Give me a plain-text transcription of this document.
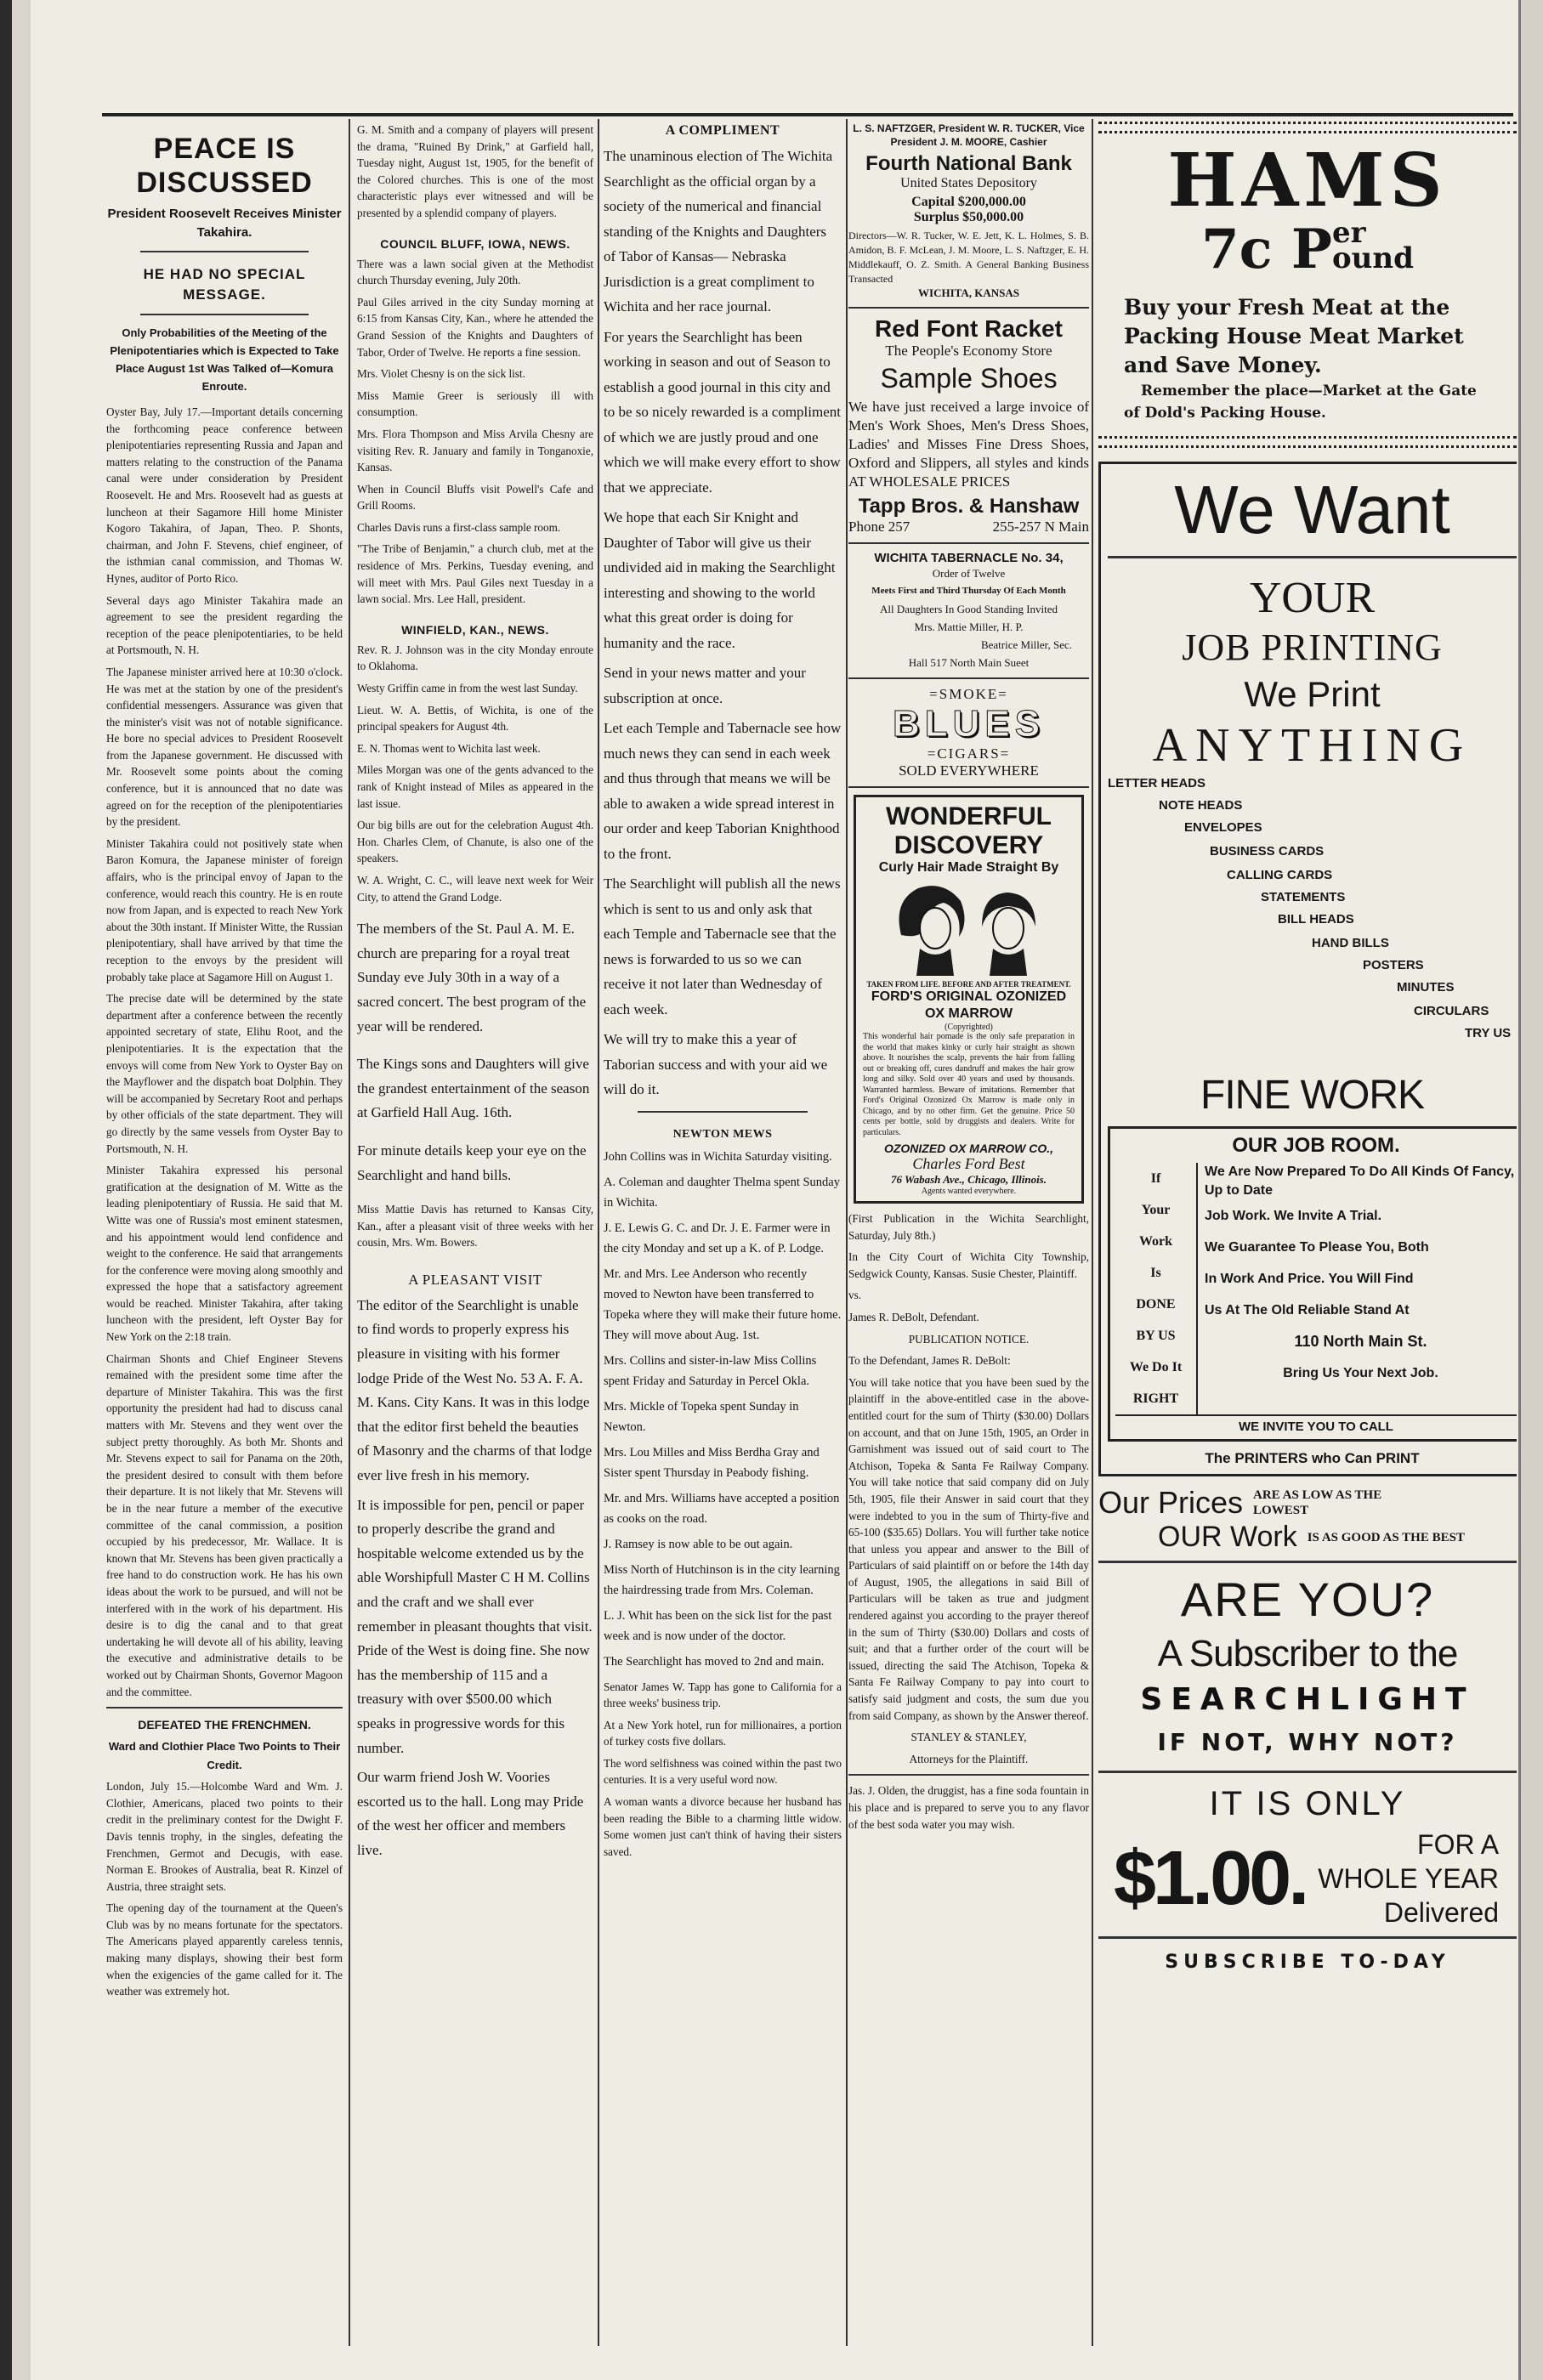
PEACE IS DISCUSSED
President Roosevelt Receives Minister Takahira.
HE HAD NO SPECIAL MESSAGE.
Only Probabilities of the Meeting of the Plenipotentiaries which is Expected to Take Place August 1st Was Talked of—Komura Enroute.

Oyster Bay, July 17.—Important details concerning the forthcoming peace conference between plenipotentiaries representing Russia and Japan and matters relating to the construction of the Panama canal were under consideration by President Roosevelt. He and Mrs. Roosevelt had as guests at luncheon at their Sagamore Hill home Minister Kogoro Takahira, of Japan, Theo. P. Shonts, chairman, and John F. Stevens, chief engineer, of the isthmian canal commission, and Thomas W. Hynes, auditor of Porto Rico.

Several days ago Minister Takahira made an agreement to see the president regarding the reception of the peace plenipotentiaries, to be held at Portsmouth, N. H.

The Japanese minister arrived here at 10:30 o'clock. He was met at the station by one of the president's confidential messengers. Assurance was given that the minister's visit was not of notable significance. He bore no special advices to President Roosevelt from the Japanese government. He discussed with Mr. Roosevelt some points about the coming conference, but it is announced that no date was agreed on for the reception of the plenipotentiaries by the president.

Minister Takahira could not positively state when Baron Komura, the Japanese minister of foreign affairs, who is the principal envoy of Japan to the conference, would reach this country. He is en route now from Japan, and is expected to reach New York about the 30th instant. If Minister Witte, the Russian plenipotentiary, shall have arrived by that time the reception to the envoys by the president will probably take place at Sagamore Hill on August 1.

The precise date will be determined by the state department after a conference between the recently appointed secretary of state, Elihu Root, and the plenipotentiaries. It is the expectation that the envoys will come from New York to Oyster Bay on the Mayflower and the dispatch boat Dolphin. They will be accompanied by Secretary Root and perhaps by other officials of the state department. They will go directly by the same vessels from Oyster Bay to Portsmouth, N. H.

Minister Takahira expressed his personal gratification at the designation of M. Witte as the leading plenipotentiary of Russia. He said that M. Witte was one of Russia's most eminent statesmen, and his appointment would lend confidence and weight to the conference. He said that arrangements for the conference were moving along smoothly and expressed the hope that a satisfactory agreement would be reached. Minister Takahira, after taking luncheon with the president, left Oyster Bay for New York on the 2:18 train.

Chairman Shonts and Chief Engineer Stevens remained with the president some time after the departure of Minister Takahira. This was the first opportunity the president had had to discuss canal matters with Mr. Stevens and they went over the subject pretty thoroughly. As both Mr. Shonts and Mr. Stevens expect to sail for Panama on the 20th, the president desired to consult with them before their departure. It is not likely that Mr. Stevens will be in the near future a member of the executive committee of the canal commission, a position occupied by his predecessor, Mr. Wallace. It is known that Mr. Stevens has been given practically a free hand to do construction work. He has his own ideas about the work to be pursued, and will not be interfered with in the work of his department. His desire is to dig the canal and to that great undertaking he will devote all of his ability, leaving the executive and administrative details to be worked out by Chairman Shonts, Governor Magoon and the committee.

DEFEATED THE FRENCHMEN.
Ward and Clothier Place Two Points to Their Credit.

London, July 15.—Holcombe Ward and Wm. J. Clothier, Americans, placed two points to their credit in the preliminary contest for the Dwight F. Davis tennis trophy, in the singles, defeating the Frenchmen, Germot and Decugis, with ease. Norman E. Brookes of Australia, beat R. Kinzel of Austria, three straight sets.

The opening day of the tournament at the Queen's Club was by no means fortunate for the spectators. The Americans played apparently careless tennis, making many displays, showing their best form when the exigencies of the game called for it. The weather was extremely hot.

G. M. Smith and a company of players will present the drama, "Ruined By Drink," at Garfield hall, Tuesday night, August 1st, 1905, for the benefit of the Colored churches. This is one of the most characteristic plays ever witnessed and will be presented by a splendid company of players.

COUNCIL BLUFF, IOWA, NEWS.

There was a lawn social given at the Methodist church Thursday evening, July 20th.

Paul Giles arrived in the city Sunday morning at 6:15 from Kansas City, Kan., where he attended the Grand Session of the Knights and Daughters of Tabor, Order of Twelve. He reports a fine session.

Mrs. Violet Chesny is on the sick list.

Miss Mamie Greer is seriously ill with consumption.

Mrs. Flora Thompson and Miss Arvila Chesny are visiting Rev. R. January and family in Tonganoxie, Kansas.

When in Council Bluffs visit Powell's Cafe and Grill Rooms.

Charles Davis runs a first-class sample room.

"The Tribe of Benjamin," a church club, met at the residence of Mrs. Perkins, Tuesday evening, and will meet with Mrs. Paul Giles next Tuesday in a lawn social. Mrs. Lee Hall, president.

WINFIELD, KAN., NEWS.

Rev. R. J. Johnson was in the city Monday enroute to Oklahoma.

Westy Griffin came in from the west last Sunday.

Lieut. W. A. Bettis, of Wichita, is one of the principal speakers for August 4th.

E. N. Thomas went to Wichita last week.

Miles Morgan was one of the gents advanced to the rank of Knight instead of Miles as appeared in the last issue.

Our big bills are out for the celebration August 4th. Hon. Charles Clem, of Chanute, is also one of the speakers.

W. A. Wright, C. C., will leave next week for Weir City, to attend the Grand Lodge.

The members of the St. Paul A. M. E. church are preparing for a royal treat Sunday eve July 30th in a way of a sacred concert. The best program of the year will be rendered.

The Kings sons and Daughters will give the grandest entertainment of the season at Garfield Hall Aug. 16th.

For minute details keep your eye on the Searchlight and hand bills.

Miss Mattie Davis has returned to Kansas City, Kan., after a pleasant visit of three weeks with her cousin, Mrs. Wm. Bowers.

A PLEASANT VISIT

The editor of the Searchlight is unable to find words to properly express his pleasure in visiting with his former lodge Pride of the West No. 53 A. F. A. M. Kans. City Kans. It was in this lodge that the editor first beheld the beauties of Masonry and the charms of that lodge ever live fresh in his memory.

It is impossible for pen, pencil or paper to properly describe the grand and hospitable welcome extended us by the able Worshipfull Master C H M. Collins and the craft and we shall ever remember in pleasant thoughts that visit. Pride of the West is doing fine. She now has the membership of 115 and a treasury with over $500.00 which speaks in progressive words for this number.

Our warm friend Josh W. Voories escorted us to the hall. Long may Pride of the west her officer and members live.

A COMPLIMENT

The unaminous election of The Wichita Searchlight as the official organ by a society of the numerical and financial standing of the Knights and Daughters of Tabor of Kansas— Nebraska Jurisdiction is a great compliment to Wichita and her race journal.

For years the Searchlight has been working in season and out of Season to establish a good journal in this city and to be so nicely rewarded is a compliment of which we are justly proud and one which we will make every effort to show that we appreciate.

We hope that each Sir Knight and Daughter of Tabor will give us their undivided aid in making the Searchlight interesting and showing to the world what this great order is doing for humanity and the race.

Send in your news matter and your subscription at once.

Let each Temple and Tabernacle see how much news they can send in each week and thus through that means we will be able to awaken a wide spread interest in our order and keep Taborian Knighthood to the front.

The Searchlight will publish all the news which is sent to us and only ask that each Temple and Tabernacle see that the news is forwarded to us so we can receive it not later than Wednesday of each week.

We will try to make this a year of Taborian success and with your aid we will do it.

NEWTON MEWS

John Collins was in Wichita Saturday visiting.

A. Coleman and daughter Thelma spent Sunday in Wichita.

J. E. Lewis G. C. and Dr. J. E. Farmer were in the city Monday and set up a K. of P. Lodge.

Mr. and Mrs. Lee Anderson who recently moved to Newton have been transferred to Topeka where they will make their future home. They will move about Aug. 1st.

Mrs. Collins and sister-in-law Miss Collins spent Friday and Saturday in Percel Okla.

Mrs. Mickle of Topeka spent Sunday in Newton.

Mrs. Lou Milles and Miss Berdha Gray and Sister spent Thursday in Peabody fishing.

Mr. and Mrs. Williams have accepted a position as cooks on the road.

J. Ramsey is now able to be out again.

Miss North of Hutchinson is in the city learning the hairdressing trade from Mrs. Coleman.

L. J. Whit has been on the sick list for the past week and is now under of the doctor.

The Searchlight has moved to 2nd and main.

Senator James W. Tapp has gone to California for a three weeks' business trip.

At a New York hotel, run for millionaires, a portion of turkey costs five dollars.

The word selfishness was coined within the past two centuries. It is a very useful word now.

A woman wants a divorce because her husband has been reading the Bible to a charming little widow. Some women just can't think of having their sisters saved.

L. S. NAFTZGER, President W. R. TUCKER, Vice President J. M. MOORE, Cashier
Fourth National Bank
United States Depository
Capital $200,000.00
Surplus $50,000.00
Directors—W. R. Tucker, W. E. Jett, K. L. Holmes, S. B. Amidon, B. F. McLean, J. M. Moore, L. S. Naftzger, E. H. Middlekauff, O. Z. Smith. A General Banking Business Transacted
WICHITA, KANSAS
Red Font Racket
The People's Economy Store
Sample Shoes
We have just received a large invoice of Men's Work Shoes, Men's Dress Shoes, Ladies' and Misses Fine Dress Shoes, Oxford and Slippers, all styles and kinds AT WHOLESALE PRICES
Tapp Bros. & Hanshaw
Phone 257	255-257 N Main
WICHITA TABERNACLE No. 34,

Order of Twelve

Meets First and Third Thursday Of Each Month

All Daughters In Good Standing Invited

Mrs. Mattie Miller, H. P.

Beatrice Miller, Sec.

Hall 517 North Main Sueet

=SMOKE=
BLUES
=CIGARS=
SOLD EVERYWHERE
WONDERFUL
DISCOVERY
Curly Hair Made Straight By
TAKEN FROM LIFE. BEFORE AND AFTER TREATMENT.
FORD'S ORIGINAL OZONIZED OX MARROW
(Copyrighted)
This wonderful hair pomade is the only safe preparation in the world that makes kinky or curly hair straight as shown above. It nourishes the scalp, prevents the hair from falling out or breaking off, cures dandruff and makes the hair grow long and silky. Sold over 40 years and used by thousands. Warranted harmless. Beware of imitations. Remember that Ford's Original Ozonized Ox Marrow is made only in Chicago, and by no other firm. Get the genuine. Price 50 cents per bottle, sold by druggists and dealers. Write for particulars.
OZONIZED OX MARROW CO.,
Charles Ford Best
76 Wabash Ave., Chicago, Illinois.
Agents wanted everywhere.

(First Publication in the Wichita Searchlight, Saturday, July 8th.)

In the City Court of Wichita City Township, Sedgwick County, Kansas. Susie Chester, Plaintiff.

vs.

James R. DeBolt, Defendant.

PUBLICATION NOTICE.

To the Defendant, James R. DeBolt:

You will take notice that you have been sued by the plaintiff in the above-entitled case in the above-entitled court for the sum of Thirty ($30.00) Dollars on account, and that on June 15th, 1905, an Order in Garnishment was issued out of said court to The Atchison, Topeka & Santa Fe Railway Company. You will take notice that said company did on July 5th, 1905, file their Answer in said court that they were indebted to you in the sum of Thirty-five and 65-100 ($35.65) Dollars. You will further take notice that unless you appear and answer to the Bill of Particulars of said plaintiff on or before the 14th day of August, 1905, the allegations in said Bill of Particulars will be taken as true and judgment rendered against you according to the prayer thereof in the sum of Thirty ($30.00) Dollars and costs of suit; and that a further order of the court will be issued, directing the said The Atchison, Topeka & Santa Fe Railway Company to pay into court to satisfy said judgment and costs, the sum due you from said Company, as shown by the Answer thereof.

STANLEY & STANLEY,

Attorneys for the Plaintiff.

Jas. J. Olden, the druggist, has a fine soda fountain in his place and is prepared to serve you to any flavor of the best soda water you may wish.
HAMS
7c Per
ound
Buy your Fresh Meat at the
Packing House Meat Market
and Save Money.
Remember the place—Market at the Gate
of Dold's Packing House.
We Want
YOUR
JOB PRINTING
We Print
ANYTHING
LETTER HEADS
NOTE HEADS
ENVELOPES
BUSINESS CARDS
CALLING CARDS
STATEMENTS
BILL HEADS
HAND BILLS
POSTERS
MINUTES
CIRCULARS
TRY US
FINE WORK
OUR JOB ROOM.
If
Your
Work
Is
DONE
BY US
We Do It
RIGHT
We Are Now Prepared To Do All Kinds Of Fancy, Up to Date
Job Work. We Invite A Trial.
We Guarantee To Please You, Both
In Work And Price. You Will Find
Us At The Old Reliable Stand At
110 North Main St.
Bring Us Your Next Job.
WE INVITE YOU TO CALL
The PRINTERS who Can PRINT
Our Prices ARE AS LOW AS THE LOWEST
OUR Work IS AS GOOD AS THE BEST
ARE YOU?
A Subscriber to the
SEARCHLIGHT
IF NOT, WHY NOT?
IT IS ONLY
$1.00.	FOR A
WHOLE YEAR
Delivered
SUBSCRIBE TO-DAY
